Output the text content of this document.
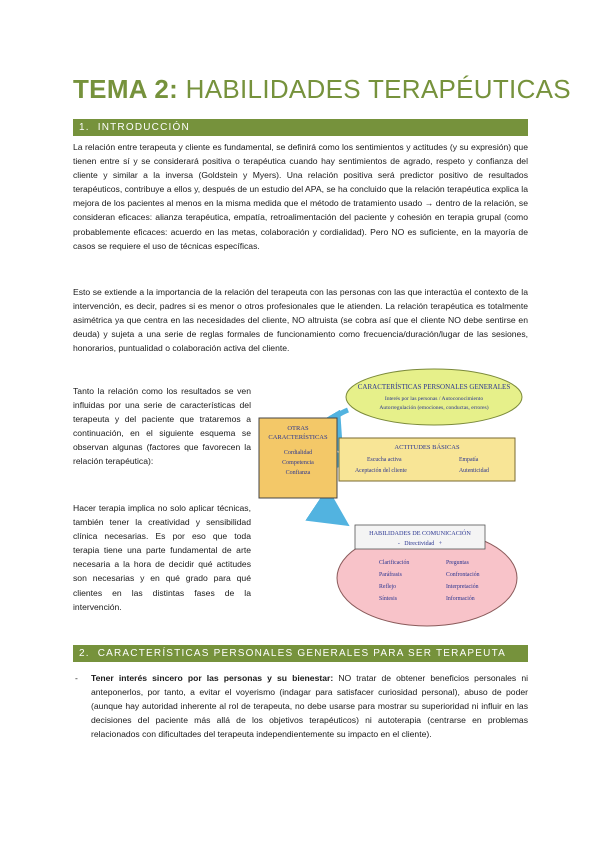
TEMA 2: HABILIDADES TERAPÉUTICAS
1. INTRODUCCIÓN

La relación entre terapeuta y cliente es fundamental, se definirá como los sentimientos y actitudes (y su expresión) que tienen entre sí y se considerará positiva o terapéutica cuando hay sentimientos de agrado, respeto y confianza del cliente y similar a la inversa (Goldstein y Myers). Una relación positiva será predictor positivo de resultados terapéuticos, contribuye a ellos y, después de un estudio del APA, se ha concluido que la relación terapéutica explica la mejora de los pacientes al menos en la misma medida que el método de tratamiento usado → dentro de la relación, se consideran eficaces: alianza terapéutica, empatía, retroalimentación del paciente y cohesión en terapia grupal (como probablemente eficaces: acuerdo en las metas, colaboración y cordialidad). Pero NO es suficiente, en la mayoría de casos se requiere el uso de técnicas específicas.

Esto se extiende a la importancia de la relación del terapeuta con las personas con las que interactúa el contexto de la intervención, es decir, padres si es menor o otros profesionales que le atienden. La relación terapéutica es totalmente asimétrica ya que centra en las necesidades del cliente, NO altruista (se cobra así que el cliente NO debe sentirse en deuda) y sujeta a una serie de reglas formales de funcionamiento como frecuencia/duración/lugar de las sesiones, honorarios, puntualidad o colaboración activa del cliente.

Tanto la relación como los resultados se ven influidas por una serie de características del terapeuta y del paciente que trataremos a continuación, en el siguiente esquema se observan algunas (factores que favorecen la relación terapéutica):

Hacer terapia implica no solo aplicar técnicas, también tener la creatividad y sensibilidad clínica necesarias. Es por eso que toda terapia tiene una parte fundamental de arte necesaria a la hora de decidir qué actitudes son necesarias y en qué grado para qué clientes en las distintas fases de la intervención.

CARACTERÍSTICAS PERSONALES GENERALES
Interés por las personas / Autoconocimiento
Autorregulación (emociones, conductas, errores)
OTRAS
CARACTERÍSTICAS
Cordialidad
Competencia
Confianza
ACTITUDES BÁSICAS
Escucha activa	Empatía
Aceptación del cliente	Autenticidad
HABILIDADES DE COMUNICACIÓN
-   Directividad   +
Clarificación	Preguntas
Paráfrasis	Confrontación
Reflejo	Interpretación
Síntesis	Información
2. CARACTERÍSTICAS PERSONALES GENERALES PARA SER TERAPEUTA
- Tener interés sincero por las personas y su bienestar: NO tratar de obtener beneficios personales ni anteponerlos, por tanto, a evitar el voyerismo (indagar para satisfacer curiosidad personal), abuso de poder (aunque hay autoridad inherente al rol de terapeuta, no debe usarse para mostrar su superioridad ni influir en las decisiones del paciente más allá de los objetivos terapéuticos) ni autoterapia (centrarse en problemas relacionados con dificultades del terapeuta independientemente su impacto en el cliente).
